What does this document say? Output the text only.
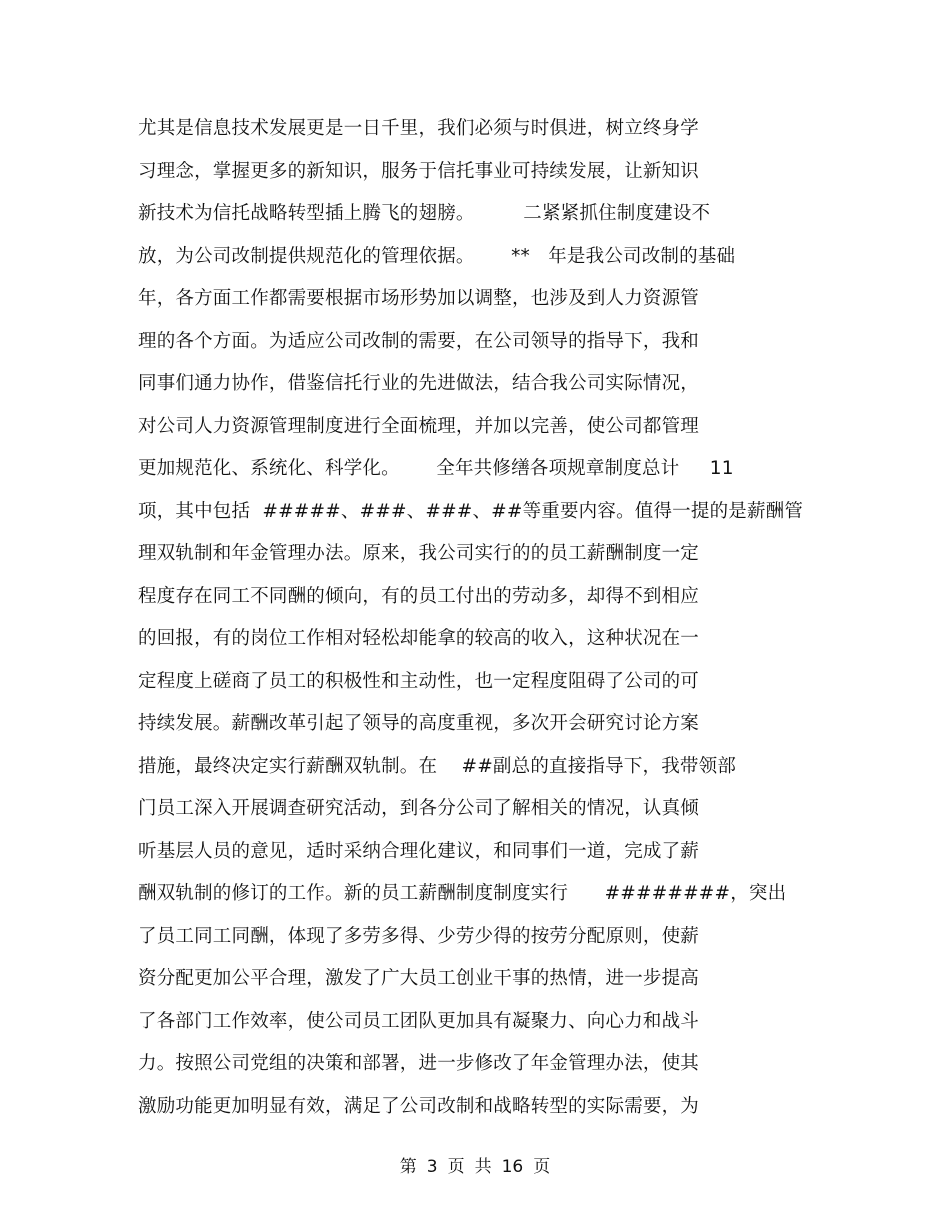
尤其是信息技术发展更是一日千里，我们必须与时俱进，树立终身学
习理念，掌握更多的新知识，服务于信托事业可持续发展，让新知识
新技术为信托战略转型插上腾飞的翅膀。        二紧紧抓住制度建设不
放，为公司改制提供规范化的管理依据。      **   年是我公司改制的基础
年，各方面工作都需要根据市场形势加以调整，也涉及到人力资源管
理的各个方面。为适应公司改制的需要，在公司领导的指导下，我和
同事们通力协作，借鉴信托行业的先进做法，结合我公司实际情况，
对公司人力资源管理制度进行全面梳理，并加以完善，使公司都管理
更加规范化、系统化、科学化。      全年共修缮各项规章制度总计     11
项，其中包括  #####、###、###、##等重要内容。值得一提的是薪酬管
理双轨制和年金管理办法。原来，我公司实行的的员工薪酬制度一定
程度存在同工不同酬的倾向，有的员工付出的劳动多，却得不到相应
的回报，有的岗位工作相对轻松却能拿的较高的收入，这种状况在一
定程度上磋商了员工的积极性和主动性，也一定程度阻碍了公司的可
持续发展。薪酬改革引起了领导的高度重视，多次开会研究讨论方案
措施，最终决定实行薪酬双轨制。在    ##副总的直接指导下，我带领部
门员工深入开展调查研究活动，到各分公司了解相关的情况，认真倾
听基层人员的意见，适时采纳合理化建议，和同事们一道，完成了薪
酬双轨制的修订的工作。新的员工薪酬制度制度实行      ########，突出
了员工同工同酬，体现了多劳多得、少劳少得的按劳分配原则，使薪
资分配更加公平合理，激发了广大员工创业干事的热情，进一步提高
了各部门工作效率，使公司员工团队更加具有凝聚力、向心力和战斗
力。按照公司党组的决策和部署，进一步修改了年金管理办法，使其
激励功能更加明显有效，满足了公司改制和战略转型的实际需要，为
第 3 页 共 16 页
